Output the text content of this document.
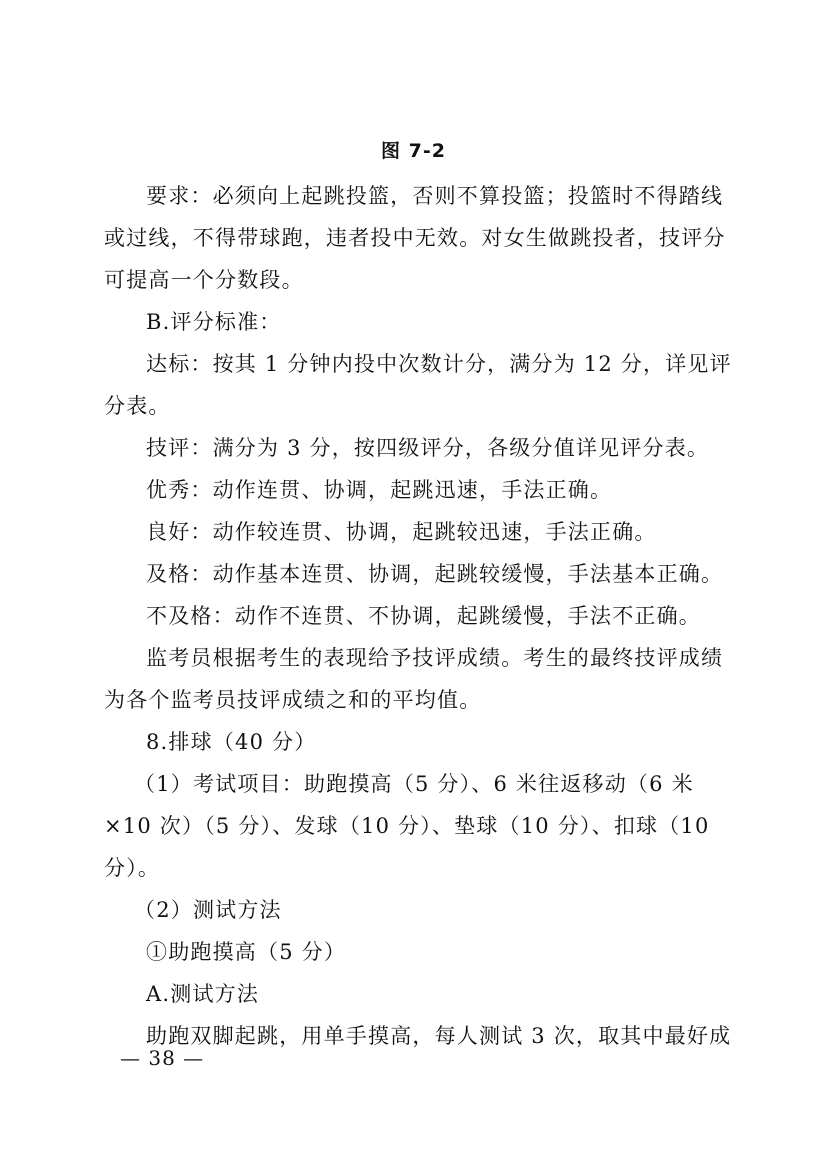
图 7-2
要求：必须向上起跳投篮，否则不算投篮；投篮时不得踏线
或过线，不得带球跑，违者投中无效。对女生做跳投者，技评分
可提高一个分数段。
B.评分标准：
达标：按其 1 分钟内投中次数计分，满分为 12 分，详见评
分表。
技评：满分为 3 分，按四级评分，各级分值详见评分表。
优秀：动作连贯、协调，起跳迅速，手法正确。
良好：动作较连贯、协调，起跳较迅速，手法正确。
及格：动作基本连贯、协调，起跳较缓慢，手法基本正确。
不及格：动作不连贯、不协调，起跳缓慢，手法不正确。
监考员根据考生的表现给予技评成绩。考生的最终技评成绩
为各个监考员技评成绩之和的平均值。
8.排球（40 分）
（1）考试项目：助跑摸高（5 分）、6 米往返移动（6 米
×10 次）（5 分）、发球（10 分）、垫球（10 分）、扣球（10
分）。
（2）测试方法
①助跑摸高（5 分）
A.测试方法
助跑双脚起跳，用单手摸高，每人测试 3 次，取其中最好成
— 38 —
